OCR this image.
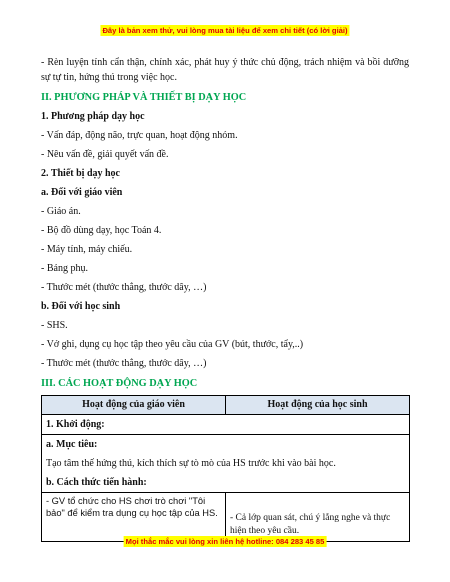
Đây là bản xem thử, vui lòng mua tài liệu để xem chi tiết (có lời giải)

- Rèn luyện tính cẩn thận, chính xác, phát huy ý thức chủ động, trách nhiệm và bồi dưỡng sự tự tin, hứng thú trong việc học.

II. PHƯƠNG PHÁP VÀ THIẾT BỊ DẠY HỌC

1. Phương pháp dạy học

- Vấn đáp, động não, trực quan, hoạt động nhóm.

- Nêu vấn đề, giải quyết vấn đề.

2. Thiết bị dạy học

a. Đối với giáo viên

- Giáo án.

- Bộ đồ dùng dạy, học Toán 4.

- Máy tính, máy chiếu.

- Bảng phụ.

- Thước mét (thước thẳng, thước dây, …)

b. Đối với học sinh

- SHS.

- Vở ghi, dụng cụ học tập theo yêu cầu của GV (bút, thước, tẩy,..)

- Thước mét (thước thẳng, thước dây, …)

III. CÁC HOẠT ĐỘNG DẠY HỌC

Hoạt động của giáo viên	Hoạt động của học sinh
1. Khởi động:	

a. Mục tiêu:
Tạo tâm thế hứng thú, kích thích sự tò mò của HS trước khi vào bài học.
b. Cách thức tiến hành:	

- GV tổ chức cho HS chơi trò chơi "Tôi bảo" để kiểm tra dụng cụ học tập của HS.	- Cả lớp quan sát, chú ý lắng nghe và thực hiện theo yêu cầu.
Mọi thắc mắc vui lòng xin liên hệ hotline: 084 283 45 85
